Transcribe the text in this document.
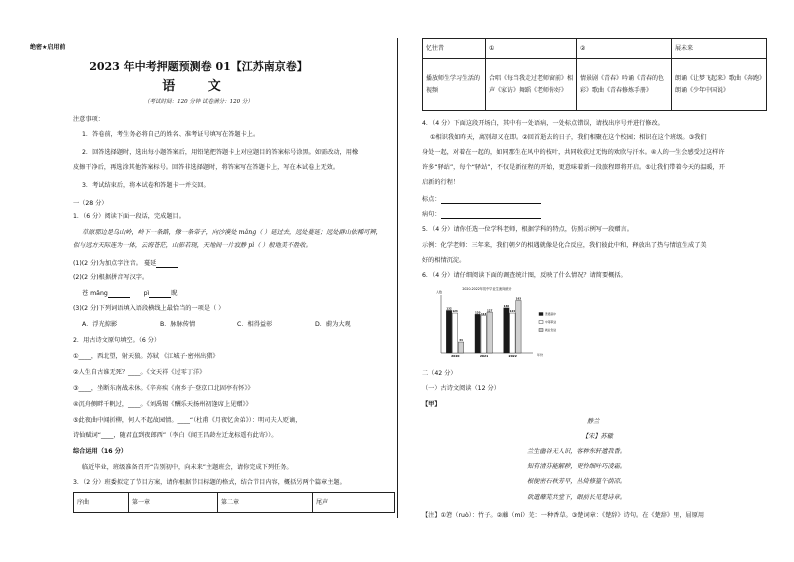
绝密★启用前
2023 年中考押题预测卷 01【江苏南京卷】
语 文
（考试时间：120 分钟 试卷满分：120 分）
注意事项：
1．答卷前，考生务必将自己的姓名、准考证号填写在答题卡上。
2．回答选择题时，选出每小题答案后，用铅笔把答题卡上对应题目的答案标号涂黑。如需改动，用橡
皮擦干净后，再选涂其他答案标号。回答非选择题时，将答案写在答题卡上，写在本试卷上无效。
3．考试结束后，将本试卷和答题卡一并交回。
一（28 分）
1．（6 分）阅读下面一段话，完成题目。
草原那边是乌山岭，岭下一条路，像一条带子，向沙漠处 mǎng（ ）延过去，远处蔓延；远处群山依稀可辨，
似与远方天际连为一体，云海苍茫，山影若现，天地间一片寂静 pì（ ）般地美不胜收。
(1)(2 分)为加点字注音。 蔓延
(2)(2 分)根据拼音写汉字。
苍 mǎng	pì	睨
(3)(2 分)下列词语填入语段横线上最恰当的一项是（ ）
A．浮光掠影	B．脉脉传情	C．相得益彰	D．蔚为大观
2．用古诗文原句填空。（6 分）
①____，西北望，射天狼。苏轼 《江城子·密州出猎》
②人生自古谁无死？____。《文天祥《过零丁洋》
③____，坐断东南战未休。《辛弃疾《南乡子·登京口北固亭有怀》》
④沉舟侧畔千帆过，____。《刘禹锡《酬乐天扬州初逢席上见赠》》
⑤此夜曲中闻折柳，何人不起故园情。____“（杜甫《月夜忆舍弟》）：明司夫人贬谪，
诗仙赋词“____，随君直到夜郎西”（李白《闻王昌龄左迁龙标遥有此寄》）。
综合运用（16 分）
临近毕业，班级准备召开“告别初中，向未来”主题班会，请你完成下列任务。
3．（2 分）班委拟定了节目方案，请你根据节目标题的格式，结合节目内容，概括另两个篇章主题。
序曲	第一章	第二章	尾声
忆往昔	①	②	展未来
播放师生学习生活的视频	合唱《每当我走过老师窗前》相声《家访》舞蹈《老师你好》	情景剧《青春》吟诵《青春的色彩》歌曲《青春修炼手册》	朗诵《让梦飞起来》歌曲《奔跑》朗诵《少年中国说》
4．（4 分）下面这段开场白，其中有一处语病，一处标点错误，请找出序号并进行修改。
①相识我如昨天，离别却又在即。②回首逝去的日子，我们相聚在这个校园；相识在这个班级。③我们
身处一起，对着在一起的，如同那生在风中的枝叶，共同收获过无悔的欢欣与汗水。④人的一生会感受过这样许
许多“驿站”，每个“驿站”，不仅是新征程的开始，更意味着新一段旅程即将开启。⑤让我们带着今天的温暖，开
启新的行程！
标点：
病句：
5．（4 分）请你任选一位学科老师，根据学科的特点，仿照示例写一段赠言。
示例：化学老师：三年来，我们朝夕的相遇就像是化合反应，我们彼此中和，释放出了热与情谊生成了美
好的相情沉淀。
6．（4 分）请仔细阅读下面的调查统计图，反映了什么情况？请简要概括。
二（42 分）
（一）古诗文阅读（12 分）
【甲】
静兰
【宋】苏辙
兰生幽谷无人识，客种东轩遗我香。
知有清芬能解秽，更怜细叶巧凌霜。
根便密石秋芳早，丛倚修篁午荫凉。
欲遣蘼芜共堂下，眼前长见楚诗章。
【注】①箬（ruò）：竹子。②蘼（mí）芜：一种香草。③楚词章：《楚辞》诗句。在《楚辞》里，屈原用
2020-2022年初中毕业生流向统计
人数
年份
132
124
34
2020
120 116
127
2021
140
124
163
2022
普通高中
中等职业
就业创业
